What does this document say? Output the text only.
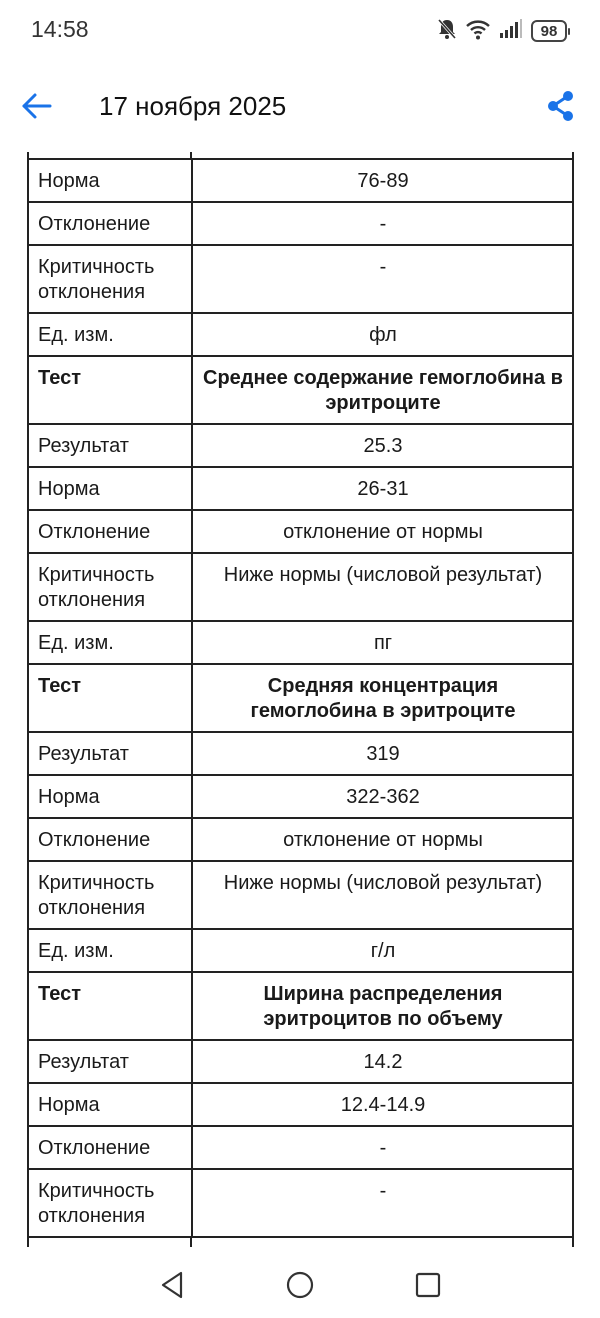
14:58	98
17 ноября 2025
Норма	76-89
Отклонение	-
Критичность отклонения	-
Ед. изм.	фл
Тест	Среднее содержание гемоглобина в эритроците
Результат	25.3
Норма	26-31
Отклонение	отклонение от нормы
Критичность отклонения	Ниже нормы (числовой результат)
Ед. изм.	пг
Тест	Средняя концентрация гемоглобина в эритроците
Результат	319
Норма	322-362
Отклонение	отклонение от нормы
Критичность отклонения	Ниже нормы (числовой результат)
Ед. изм.	г/л
Тест	Ширина распределения эритроцитов по объему
Результат	14.2
Норма	12.4-14.9
Отклонение	-
Критичность отклонения	-
